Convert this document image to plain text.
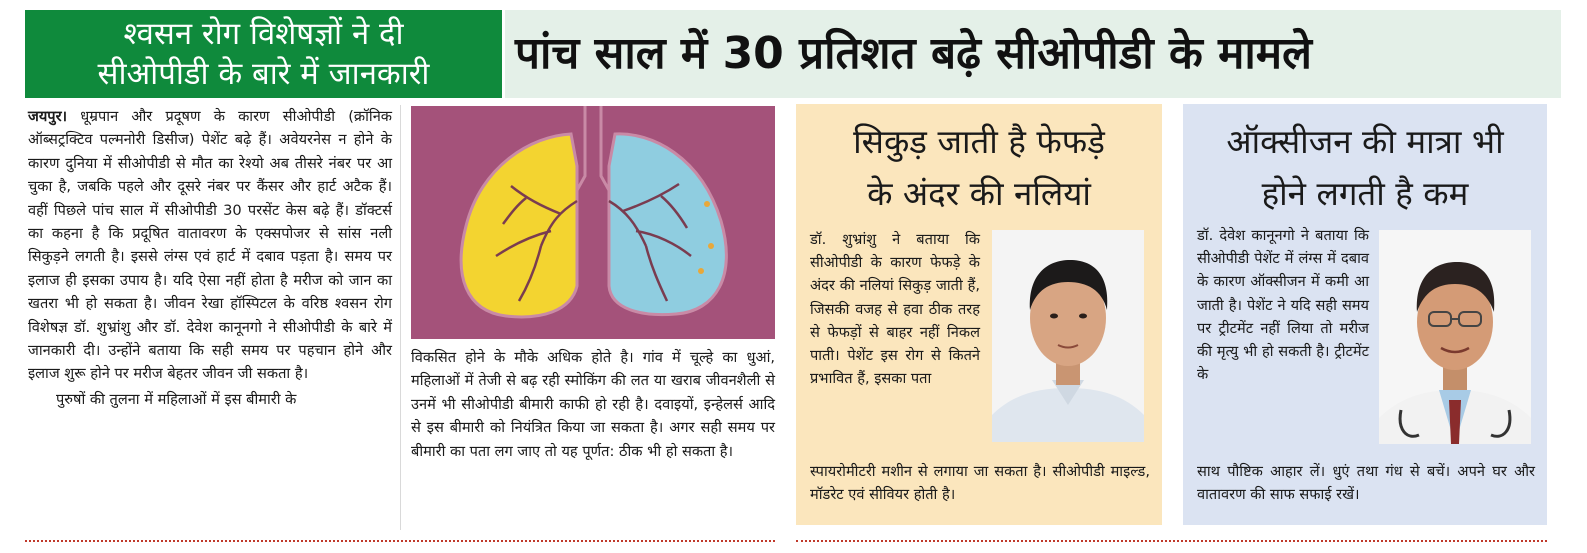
श्वसन रोग विशेषज्ञों ने दी
सीओपीडी के बारे में जानकारी	पांच साल में 30 प्रतिशत बढ़े सीओपीडी के मामले

जयपुर। धूम्रपान और प्रदूषण के कारण सीओपीडी (क्रॉनिक ऑब्सट्रक्टिव पल्मनोरी डिसीज) पेशेंट बढ़े हैं। अवेयरनेस न होने के कारण दुनिया में सीओपीडी से मौत का रेश्यो अब तीसरे नंबर पर आ चुका है, जबकि पहले और दूसरे नंबर पर कैंसर और हार्ट अटैक हैं। वहीं पिछले पांच साल में सीओपीडी 30 परसेंट केस बढ़े हैं। डॉक्टर्स का कहना है कि प्रदूषित वातावरण के एक्सपोजर से सांस नली सिकुड़ने लगती है। इससे लंग्स एवं हार्ट में दबाव पड़ता है। समय पर इलाज ही इसका उपाय है। यदि ऐसा नहीं होता है मरीज को जान का खतरा भी हो सकता है। जीवन रेखा हॉस्पिटल के वरिष्ठ श्वसन रोग विशेषज्ञ डॉ. शुभ्रांशु और डॉ. देवेश कानूनगो ने सीओपीडी के बारे में जानकारी दी। उन्होंने बताया कि सही समय पर पहचान होने और इलाज शुरू होने पर मरीज बेहतर जीवन जी सकता है।

पुरुषों की तुलना में महिलाओं में इस बीमारी के

विकसित होने के मौके अधिक होते है। गांव में चूल्हे का धुआं, महिलाओं में तेजी से बढ़ रही स्मोकिंग की लत या खराब जीवनशैली से उनमें भी सीओपीडी बीमारी काफी हो रही है। दवाइयों, इन्हेलर्स आदि से इस बीमारी को नियंत्रित किया जा सकता है। अगर सही समय पर बीमारी का पता लग जाए तो यह पूर्णत: ठीक भी हो सकता है।
सिकुड़ जाती है फेफड़े
के अंदर की नलियां
डॉ. शुभ्रांशु ने बताया कि सीओपीडी के कारण फेफड़े के अंदर की नलियां सिकुड़ जाती हैं, जिसकी वजह से हवा ठीक तरह से फेफड़ों से बाहर नहीं निकल पाती। पेशेंट इस रोग से कितने प्रभावित हैं, इसका पता
स्पायरोमीटरी मशीन से लगाया जा सकता है। सीओपीडी माइल्ड, मॉडरेट एवं सीवियर होती है।
ऑक्सीजन की मात्रा भी
होने लगती है कम
डॉ. देवेश कानूनगो ने बताया कि सीओपीडी पेशेंट में लंग्स में दबाव के कारण ऑक्सीजन में कमी आ जाती है। पेशेंट ने यदि सही समय पर ट्रीटमेंट नहीं लिया तो मरीज की मृत्यु भी हो सकती है। ट्रीटमेंट के
साथ पौष्टिक आहार लें। धुएं तथा गंध से बचें। अपने घर और वातावरण की साफ सफाई रखें।
